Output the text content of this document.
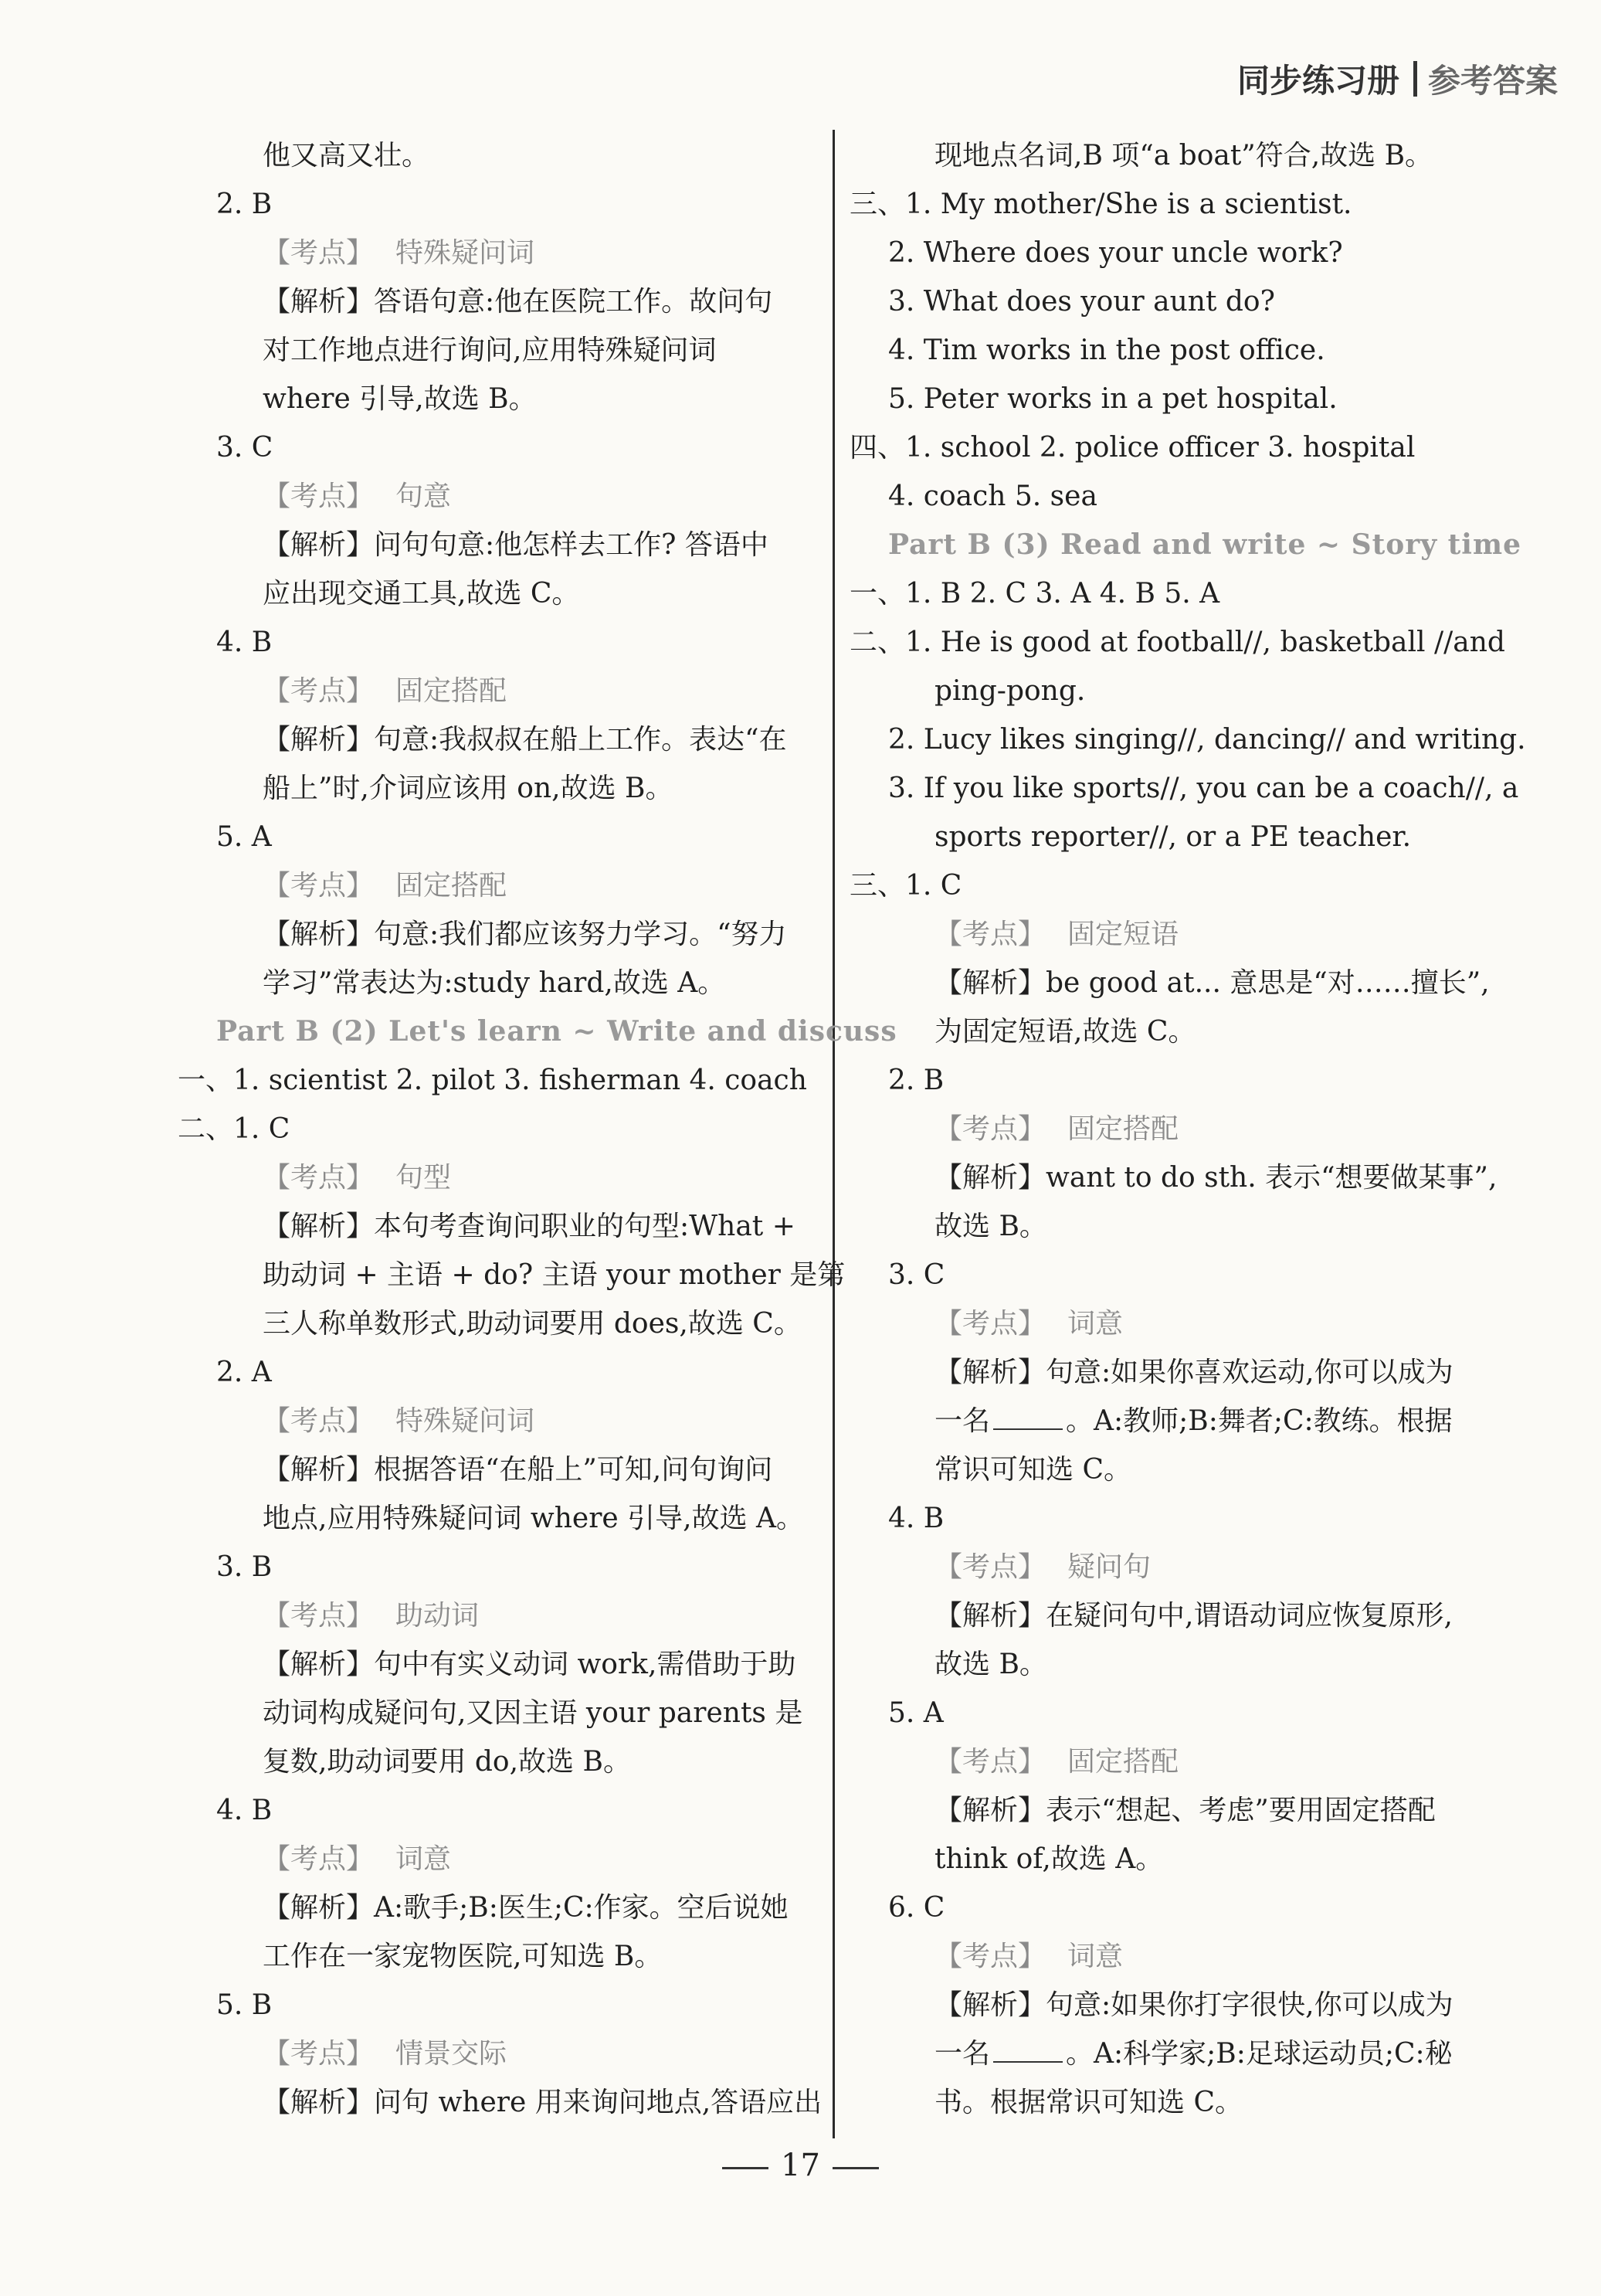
同步练习册 参考答案
他又高又壮。
2. B
【考点】 特殊疑问词
【解析】答语句意:他在医院工作。故问句
对工作地点进行询问,应用特殊疑问词
where 引导,故选 B。
3. C
【考点】 句意
【解析】问句句意:他怎样去工作? 答语中
应出现交通工具,故选 C。
4. B
【考点】 固定搭配
【解析】句意:我叔叔在船上工作。表达“在
船上”时,介词应该用 on,故选 B。
5. A
【考点】 固定搭配
【解析】句意:我们都应该努力学习。“努力
学习”常表达为:study hard,故选 A。
Part B (2) Let's learn ~ Write and discuss
一、1. scientist 2. pilot 3. fisherman 4. coach
二、1. C
【考点】 句型
【解析】本句考查询问职业的句型:What +
助动词 + 主语 + do? 主语 your mother 是第
三人称单数形式,助动词要用 does,故选 C。
2. A
【考点】 特殊疑问词
【解析】根据答语“在船上”可知,问句询问
地点,应用特殊疑问词 where 引导,故选 A。
3. B
【考点】 助动词
【解析】句中有实义动词 work,需借助于助
动词构成疑问句,又因主语 your parents 是
复数,助动词要用 do,故选 B。
4. B
【考点】 词意
【解析】A:歌手;B:医生;C:作家。空后说她
工作在一家宠物医院,可知选 B。
5. B
【考点】 情景交际
【解析】问句 where 用来询问地点,答语应出
现地点名词,B 项“a boat”符合,故选 B。
三、1. My mother/She is a scientist.
2. Where does your uncle work?
3. What does your aunt do?
4. Tim works in the post office.
5. Peter works in a pet hospital.
四、1. school 2. police officer 3. hospital
4. coach 5. sea
Part B (3) Read and write ~ Story time
一、1. B 2. C 3. A 4. B 5. A
二、1. He is good at football//, basketball //and
ping-pong.
2. Lucy likes singing//, dancing// and writing.
3. If you like sports//, you can be a coach//, a
sports reporter//, or a PE teacher.
三、1. C
【考点】 固定短语
【解析】be good at... 意思是“对……擅长”,
为固定短语,故选 C。
2. B
【考点】 固定搭配
【解析】want to do sth. 表示“想要做某事”,
故选 B。
3. C
【考点】 词意
【解析】句意:如果你喜欢运动,你可以成为
一名	。A:教师;B:舞者;C:教练。根据
常识可知选 C。
4. B
【考点】 疑问句
【解析】在疑问句中,谓语动词应恢复原形,
故选 B。
5. A
【考点】 固定搭配
【解析】表示“想起、考虑”要用固定搭配
think of,故选 A。
6. C
【考点】 词意
【解析】句意:如果你打字很快,你可以成为
一名	。A:科学家;B:足球运动员;C:秘
书。根据常识可知选 C。
17
